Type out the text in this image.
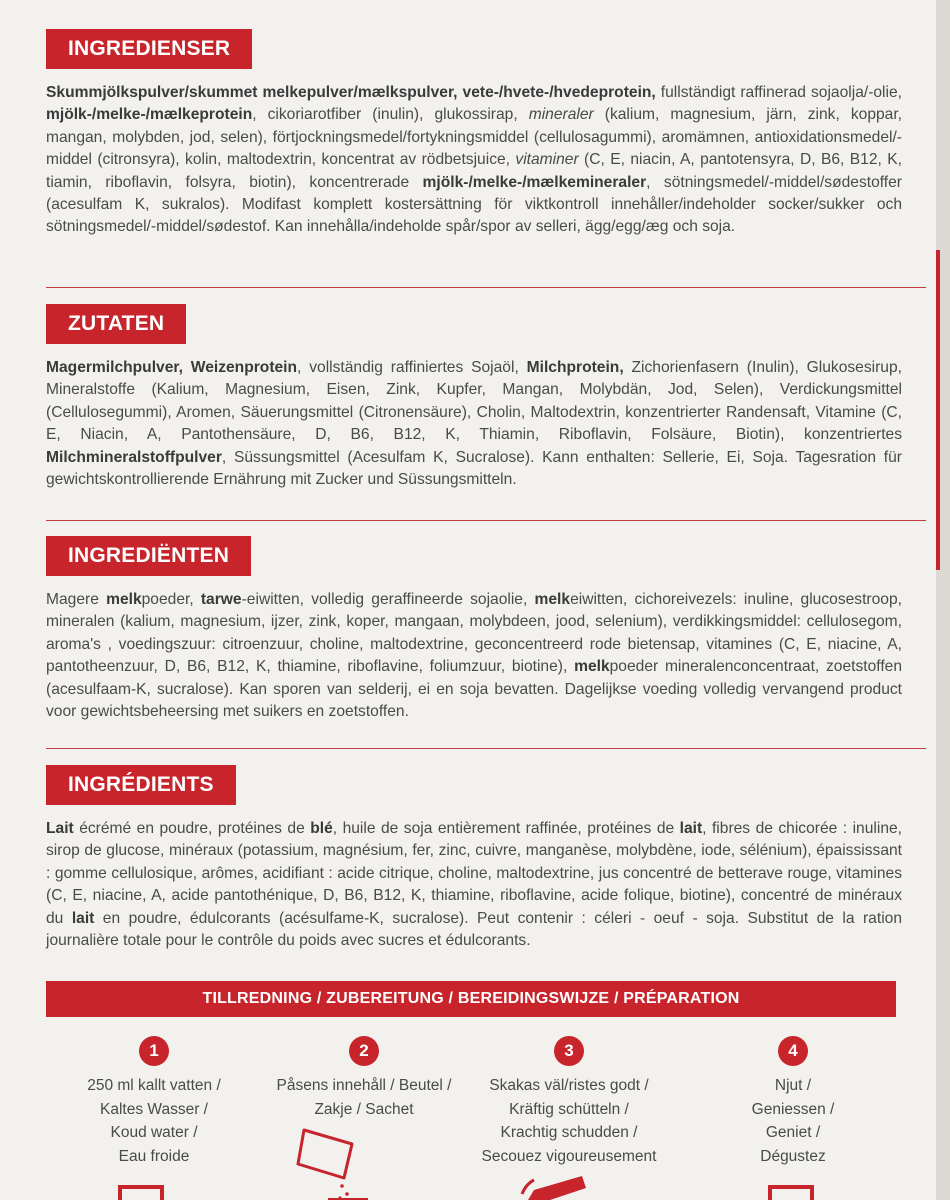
INGREDIENSER
Skummjölkspulver/skummet melkepulver/mælkspulver, vete-/hvete-/hvedeprotein, fullständigt raffinerad sojaolja/-olie, mjölk-/melke-/mælkeprotein, cikoriarotfiber (inulin), glukossirap, mineraler (kalium, magnesium, järn, zink, koppar, mangan, molybden, jod, selen), förtjockningsmedel/fortykningsmiddel (cellulosagummi), aromämnen, antioxidationsmedel/-middel (citronsyra), kolin, maltodextrin, koncentrat av rödbetsjuice, vitaminer (C, E, niacin, A, pantotensyra, D, B6, B12, K, tiamin, riboflavin, folsyra, biotin), koncentrerade mjölk-/melke-/mælkemineraler, sötningsmedel/-middel/sødestoffer (acesulfam K, sukralos). Modifast komplett kostersättning för viktkontroll innehåller/indeholder socker/sukker och sötningsmedel/-middel/sødestof. Kan innehålla/indeholde spår/spor av selleri, ägg/egg/æg och soja.
ZUTATEN
Magermilchpulver, Weizenprotein, vollständig raffiniertes Sojaöl, Milchprotein, Zichorienfasern (Inulin), Glukosesirup, Mineralstoffe (Kalium, Magnesium, Eisen, Zink, Kupfer, Mangan, Molybdän, Jod, Selen), Verdickungsmittel (Cellulosegummi), Aromen, Säuerungsmittel (Citronensäure), Cholin, Maltodextrin, konzentrierter Randensaft, Vitamine (C, E, Niacin, A, Pantothensäure, D, B6, B12, K, Thiamin, Riboflavin, Folsäure, Biotin), konzentriertes Milchmineralstoffpulver, Süssungsmittel (Acesulfam K, Sucralose). Kann enthalten: Sellerie, Ei, Soja. Tagesration für gewichtskontrollierende Ernährung mit Zucker und Süssungsmitteln.
INGREDIËNTEN
Magere melkpoeder, tarwe-eiwitten, volledig geraffineerde sojaolie, melkeiwitten, cichoreivezels: inuline, glucosestroop, mineralen (kalium, magnesium, ijzer, zink, koper, mangaan, molybdeen, jood, selenium), verdikkingsmiddel: cellulosegom, aroma's , voedingszuur: citroenzuur, choline, maltodextrine, geconcentreerd rode bietensap, vitamines (C, E, niacine, A, pantotheenzuur, D, B6, B12, K, thiamine, riboflavine, foliumzuur, biotine), melkpoeder mineralenconcentraat, zoetstoffen (acesulfaam-K, sucralose). Kan sporen van selderij, ei en soja bevatten. Dagelijkse voeding volledig vervangend product voor gewichtsbeheersing met suikers en zoetstoffen.
INGRÉDIENTS
Lait écrémé en poudre, protéines de blé, huile de soja entièrement raffinée, protéines de lait, fibres de chicorée : inuline, sirop de glucose, minéraux (potassium, magnésium, fer, zinc, cuivre, manganèse, molybdène, iode, sélénium), épaississant : gomme cellulosique, arômes, acidifiant : acide citrique, choline, maltodextrine, jus concentré de betterave rouge, vitamines (C, E, niacine, A, acide pantothénique, D, B6, B12, K, thiamine, riboflavine, acide folique, biotine), concentré de minéraux du lait en poudre, édulcorants (acésulfame-K, sucralose). Peut contenir : céleri - oeuf - soja. Substitut de la ration journalière totale pour le contrôle du poids avec sucres et édulcorants.
TILLREDNING / ZUBEREITUNG / BEREIDINGSWIJZE / PRÉPARATION
1
250 ml kallt vatten /
Kaltes Wasser /
Koud water /
Eau froide
2
Påsens innehåll / Beutel /
Zakje / Sachet
3
Skakas väl/ristes godt /
Kräftig schütteln /
Krachtig schudden /
Secouez vigoureusement
4
Njut /
Geniessen /
Geniet /
Dégustez
